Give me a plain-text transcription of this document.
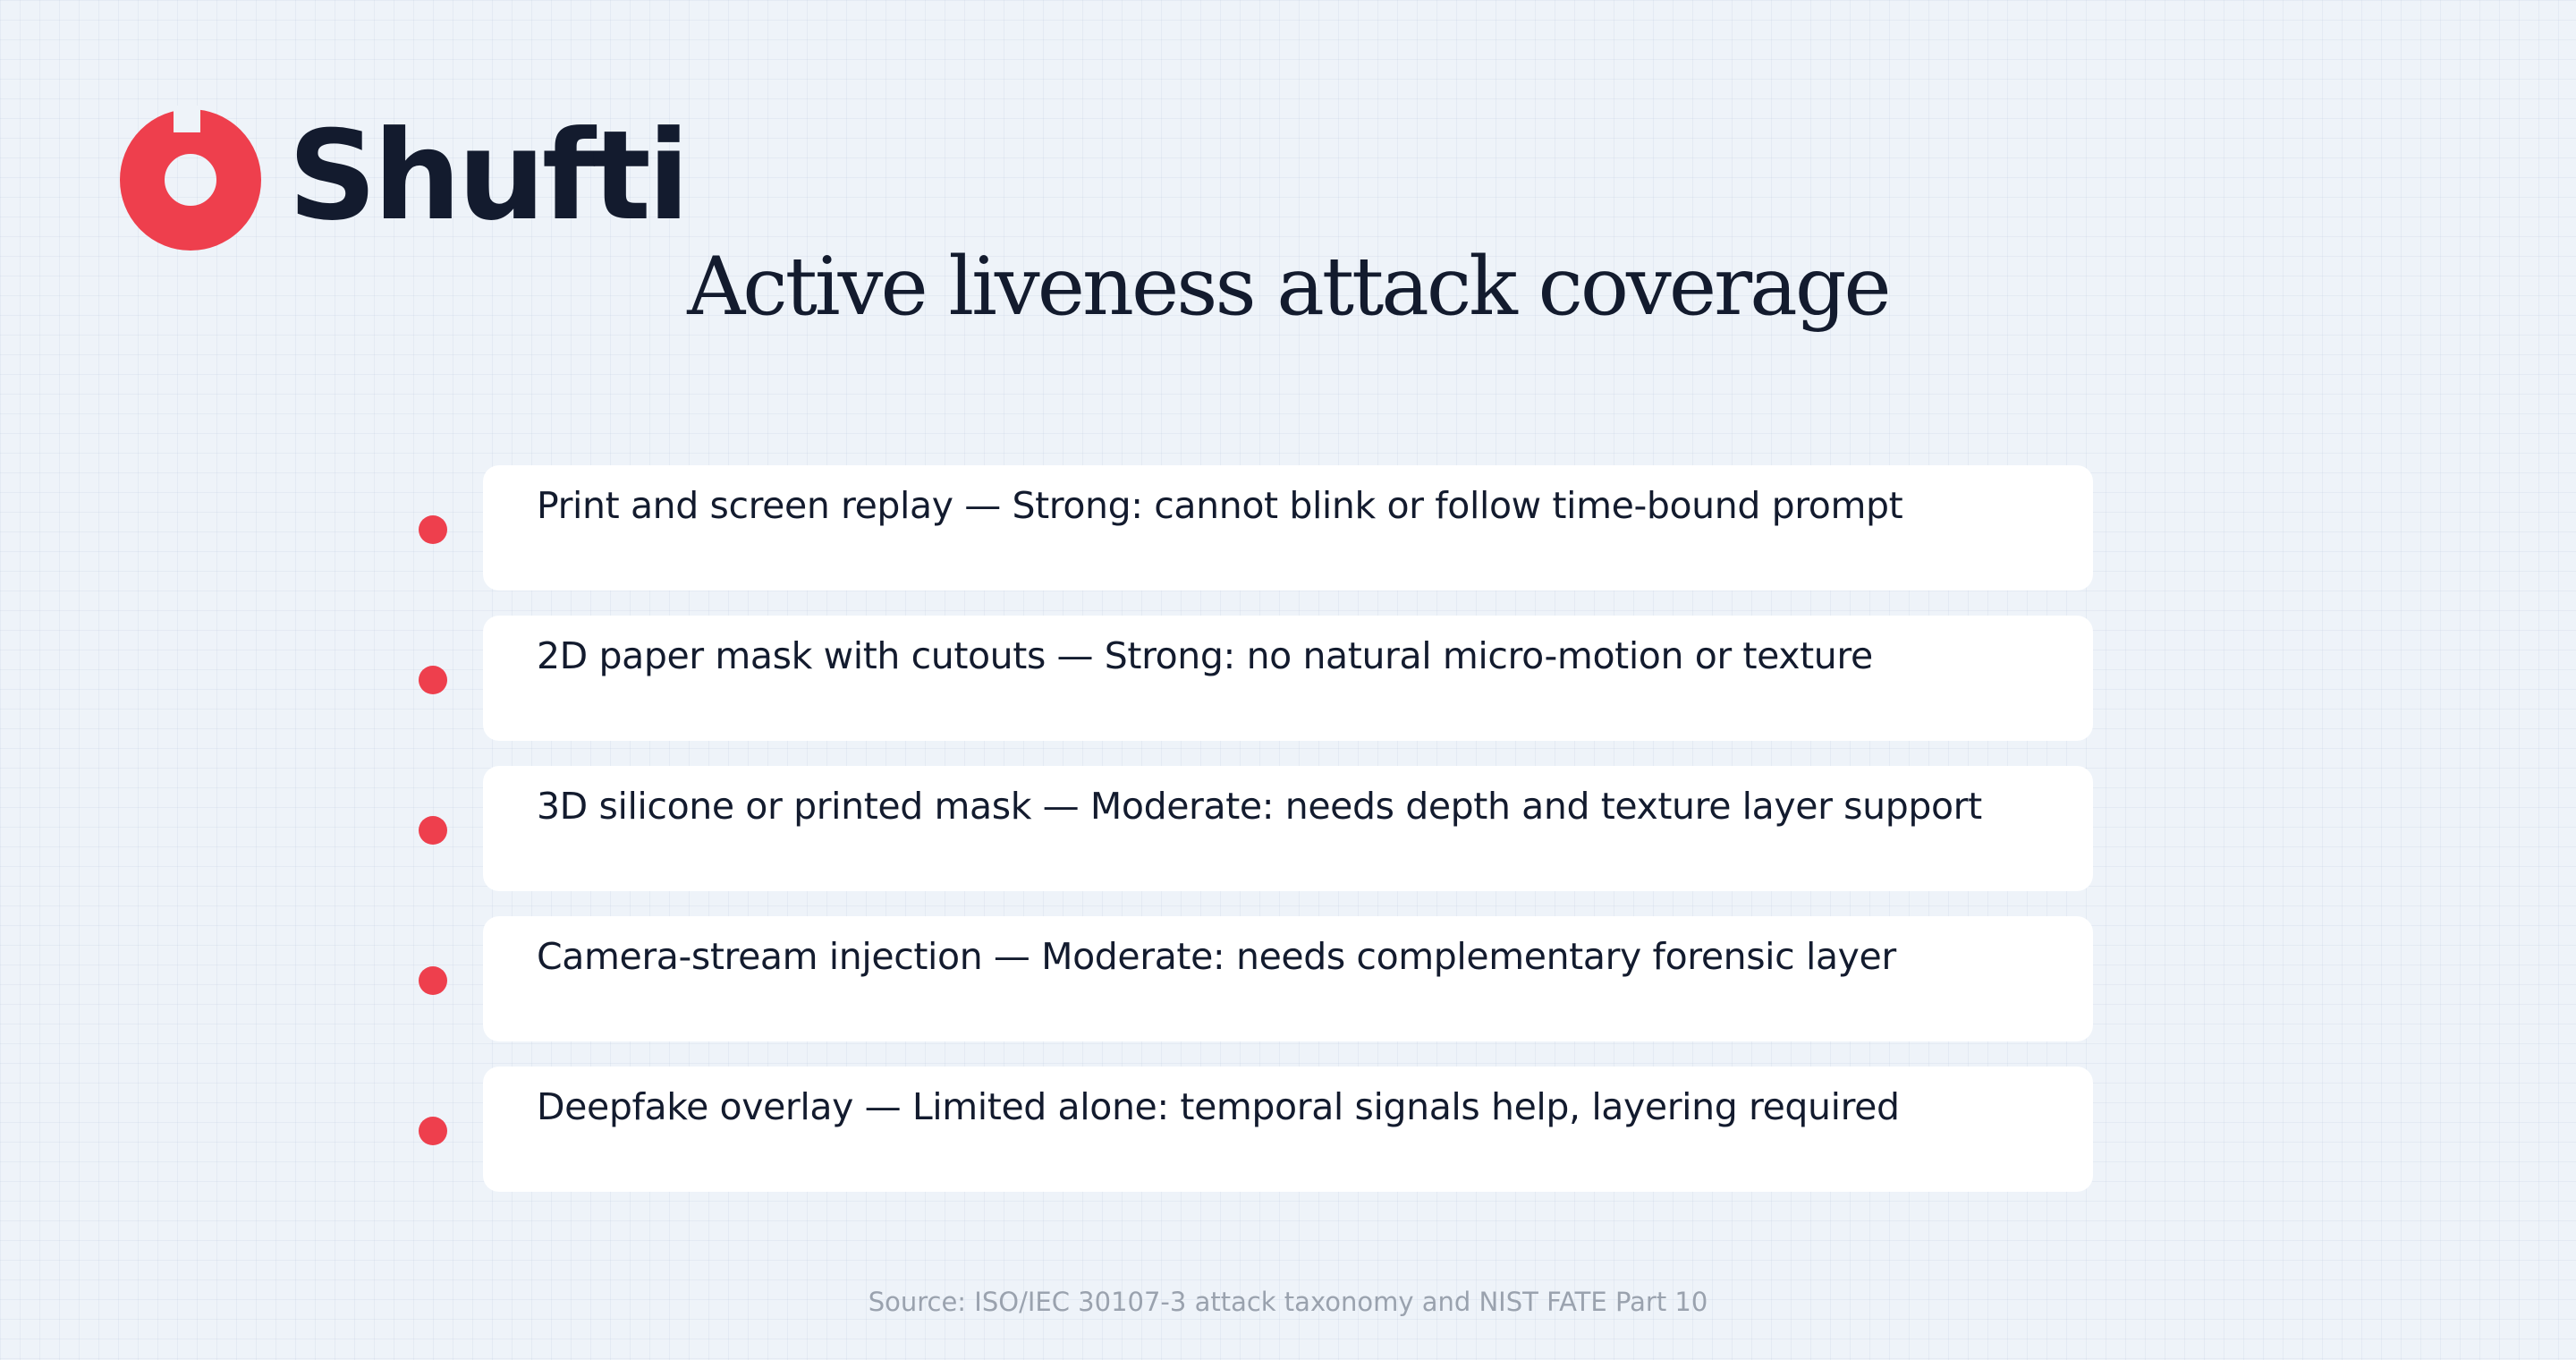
Shufti
Active liveness attack coverage
Print and screen replay — Strong: cannot blink or follow time-bound prompt
2D paper mask with cutouts — Strong: no natural micro-motion or texture
3D silicone or printed mask — Moderate: needs depth and texture layer support
Camera-stream injection — Moderate: needs complementary forensic layer
Deepfake overlay — Limited alone: temporal signals help, layering required
Source: ISO/IEC 30107-3 attack taxonomy and NIST FATE Part 10
